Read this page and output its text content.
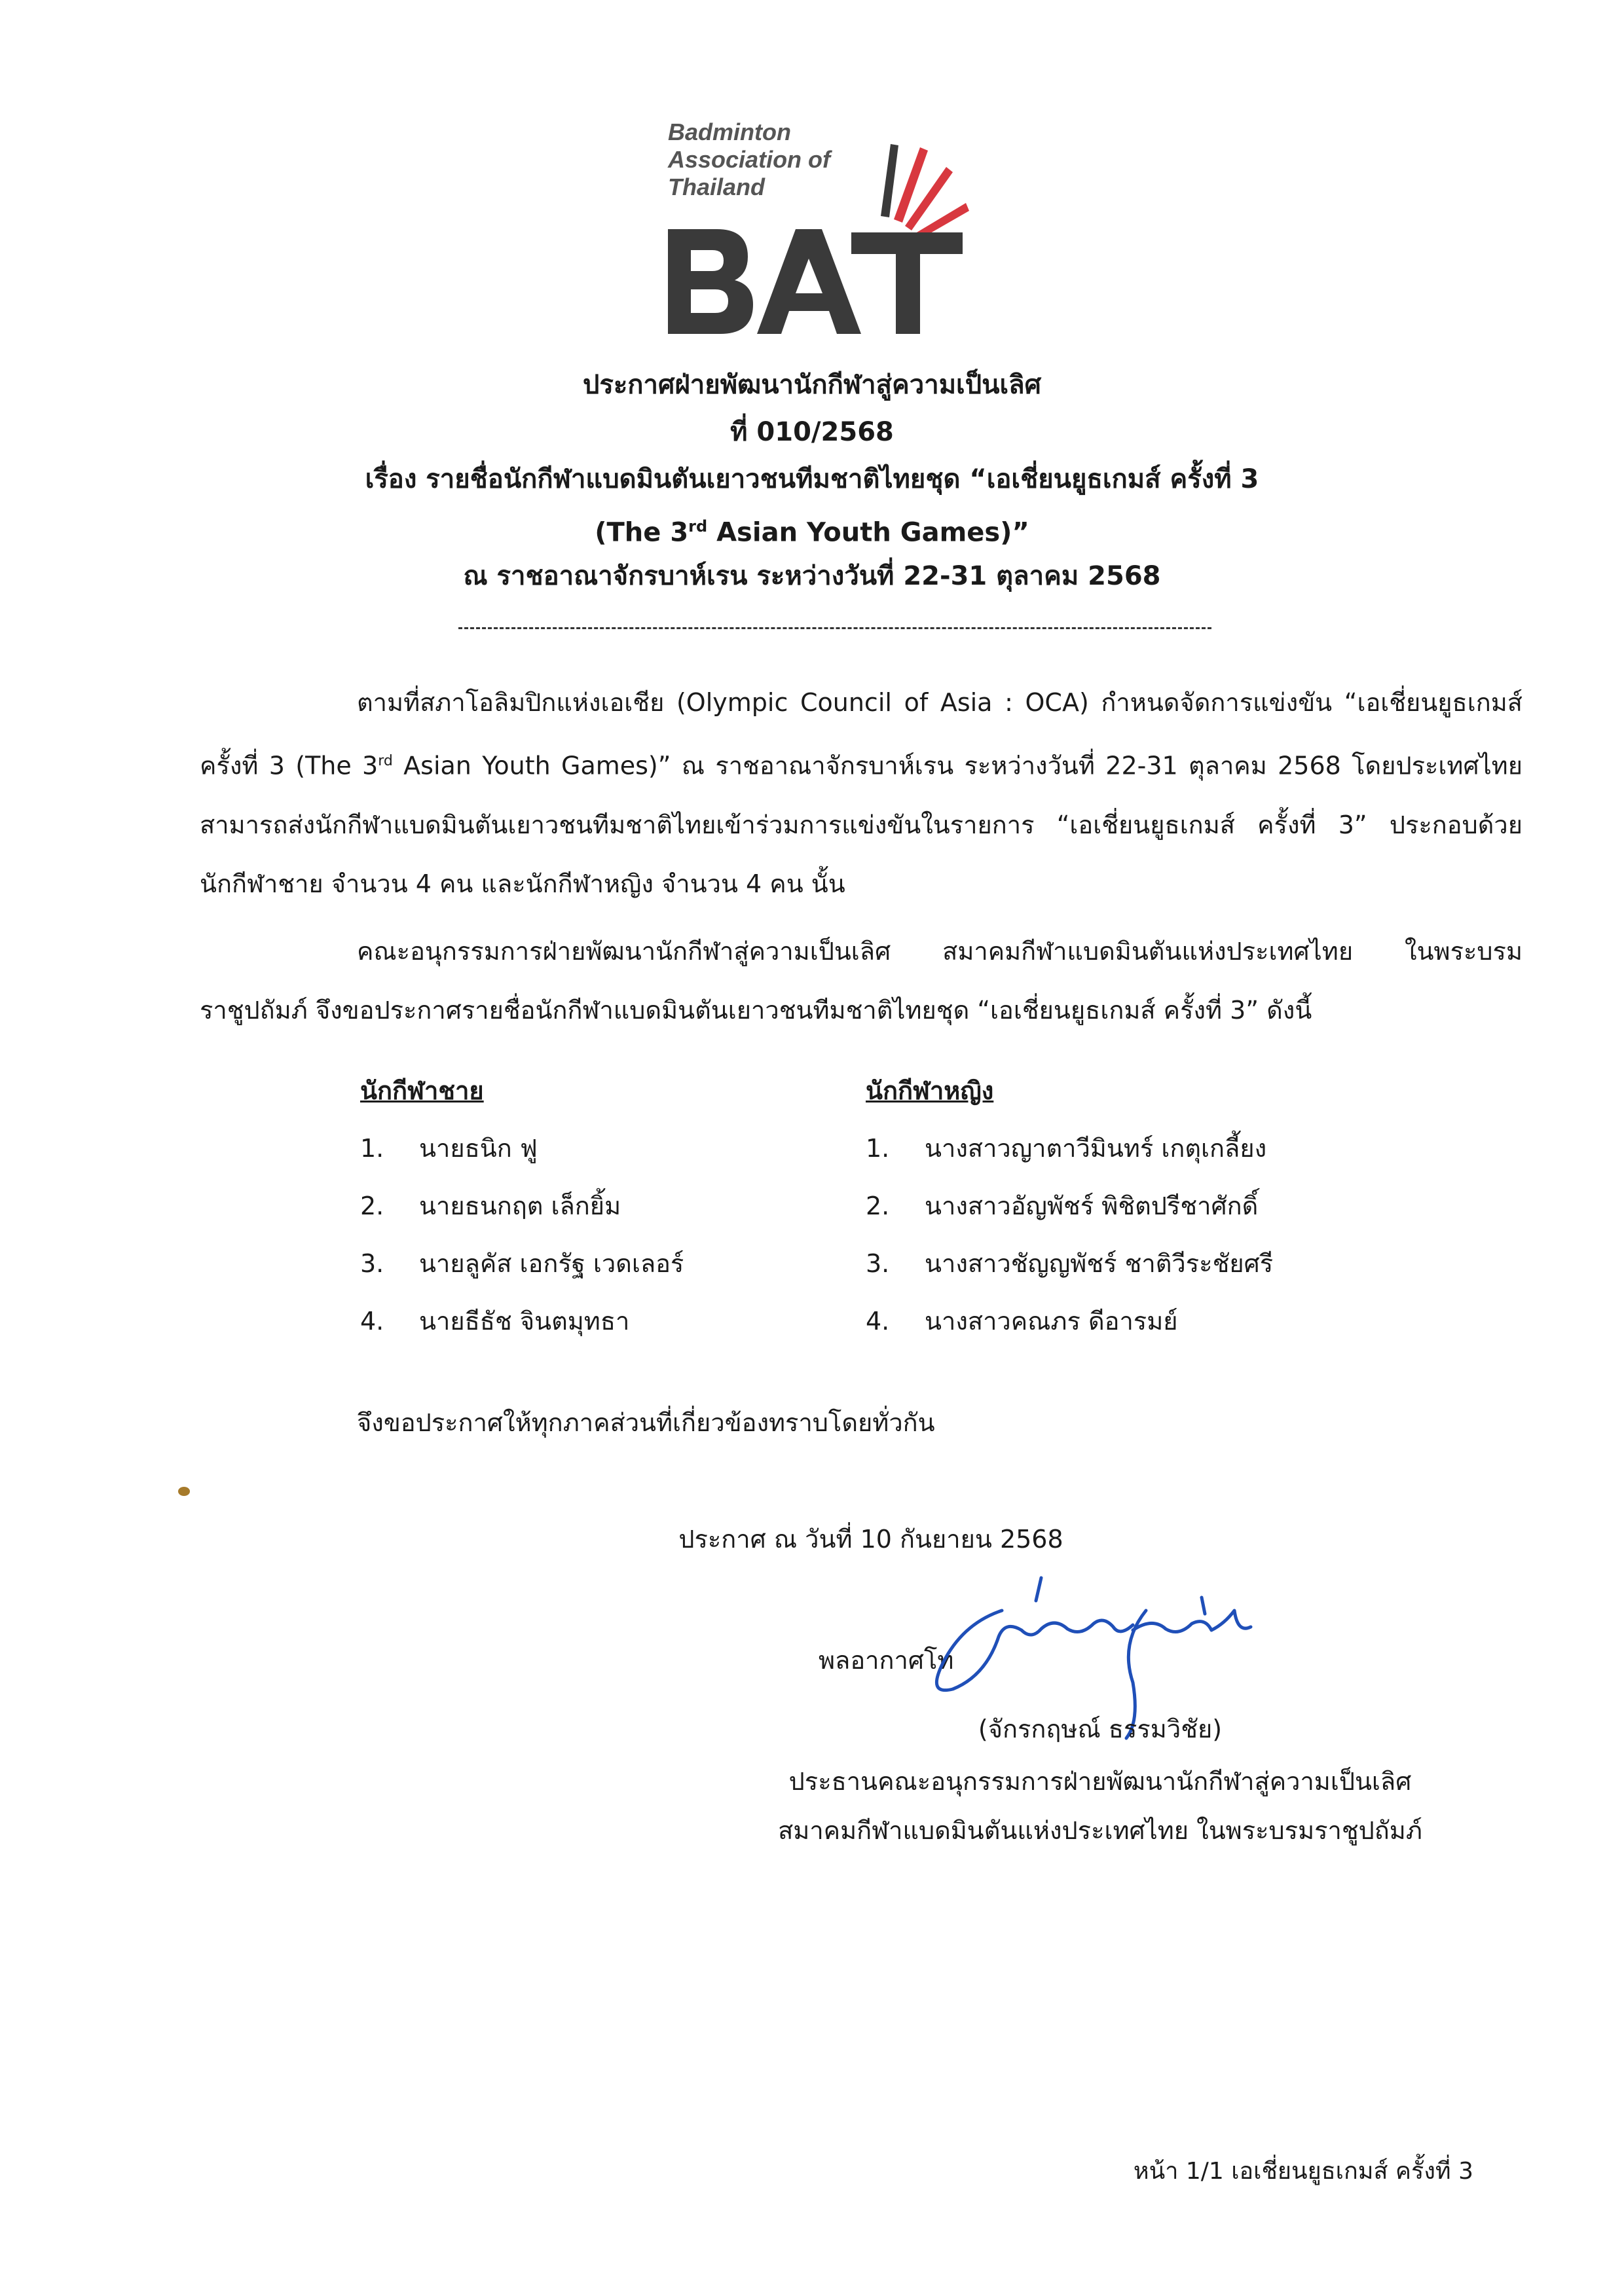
Badminton
Association of
Thailand
ประกาศฝ่ายพัฒนานักกีฬาสู่ความเป็นเลิศ
ที่ 010/2568
เรื่อง รายชื่อนักกีฬาแบดมินตันเยาวชนทีมชาติไทยชุด “เอเชี่ยนยูธเกมส์ ครั้งที่ 3
(The 3rd Asian Youth Games)”
ณ ราชอาณาจักรบาห์เรน ระหว่างวันที่ 22-31 ตุลาคม 2568

ตามที่สภาโอลิมปิกแห่งเอเชีย (Olympic Council of Asia : OCA) กำหนดจัดการแข่งขัน “เอเชี่ยนยูธเกมส์ ครั้งที่ 3 (The 3rd Asian Youth Games)” ณ ราชอาณาจักรบาห์เรน ระหว่างวันที่ 22-31 ตุลาคม 2568 โดยประเทศไทยสามารถส่งนักกีฬาแบดมินตันเยาวชนทีมชาติไทยเข้าร่วมการแข่งขันในรายการ “เอเชี่ยนยูธเกมส์ ครั้งที่ 3” ประกอบด้วย นักกีฬาชาย จำนวน 4 คน และนักกีฬาหญิง จำนวน 4 คน นั้น

คณะอนุกรรมการฝ่ายพัฒนานักกีฬาสู่ความเป็นเลิศ สมาคมกีฬาแบดมินตันแห่งประเทศไทย ในพระบรมราชูปถัมภ์ จึงขอประกาศรายชื่อนักกีฬาแบดมินตันเยาวชนทีมชาติไทยชุด “เอเชี่ยนยูธเกมส์ ครั้งที่ 3” ดังนี้

นักกีฬาชาย
1. นายธนิก ฟู
2. นายธนกฤต เล็กยิ้ม
3. นายลูคัส เอกรัฐ เวดเลอร์
4. นายธีธัช จินตมุทธา
นักกีฬาหญิง
1. นางสาวญาตาวีมินทร์ เกตุเกลี้ยง
2. นางสาวอัญพัชร์ พิชิตปรีชาศักดิ์
3. นางสาวชัญญพัชร์ ชาติวีระชัยศรี
4. นางสาวคณภร ดีอารมย์
จึงขอประกาศให้ทุกภาคส่วนที่เกี่ยวข้องทราบโดยทั่วกัน
ประกาศ ณ วันที่ 10 กันยายน 2568
พลอากาศโท
(จักรกฤษณ์ ธรรมวิชัย)
ประธานคณะอนุกรรมการฝ่ายพัฒนานักกีฬาสู่ความเป็นเลิศ
สมาคมกีฬาแบดมินตันแห่งประเทศไทย ในพระบรมราชูปถัมภ์
หน้า 1/1 เอเชี่ยนยูธเกมส์ ครั้งที่ 3
